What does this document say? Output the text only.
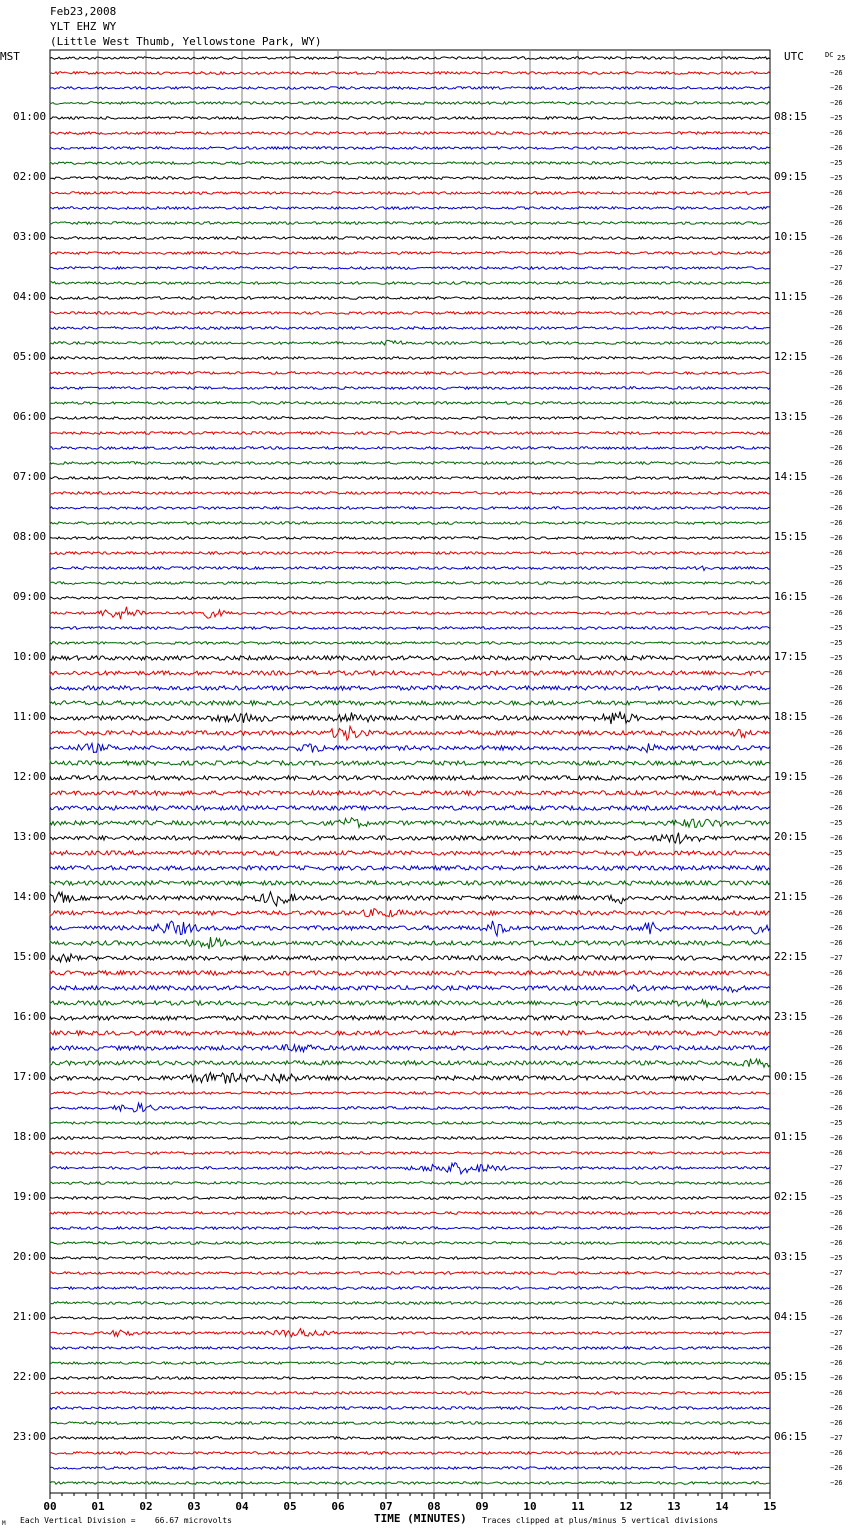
Feb23,2008
YLT EHZ WY
(Little West Thumb, Yellowstone Park, WY)
MST	UTC	DC
01:00
02:00
03:00
04:00
05:00
06:00
07:00
08:00
09:00
10:00
11:00
12:00
13:00
14:00
15:00
16:00
17:00
18:00
19:00
20:00
21:00
22:00
23:00
08:15
09:15
10:15
11:15
12:15
13:15
14:15
15:15
16:15
17:15
18:15
19:15
20:15
21:15
22:15
23:15
00:15
01:15
02:15
03:15
04:15
05:15
06:15
25
−26
−26
−26
−25
−26
−26
−25
−25
−26
−26
−26
−26
−26
−27
−26
−26
−26
−26
−26
−26
−26
−26
−26
−26
−26
−26
−26
−26
−26
−26
−26
−26
−26
−25
−26
−26
−26
−25
−25
−25
−26
−26
−26
−26
−26
−26
−26
−26
−26
−26
−25
−26
−25
−26
−26
−26
−26
−26
−26
−27
−26
−26
−26
−26
−26
−26
−26
−26
−26
−26
−25
−26
−26
−27
−26
−25
−26
−26
−26
−25
−27
−26
−26
−26
−27
−26
−26
−26
−26
−26
−26
−27
−26
−26
−26
00	01	02	03	04	05	06	07	08	09	10	11	12	13	14	15
M Each Vertical Division =    66.67 microvolts	TIME (MINUTES) Traces clipped at plus/minus 5 vertical divisions
